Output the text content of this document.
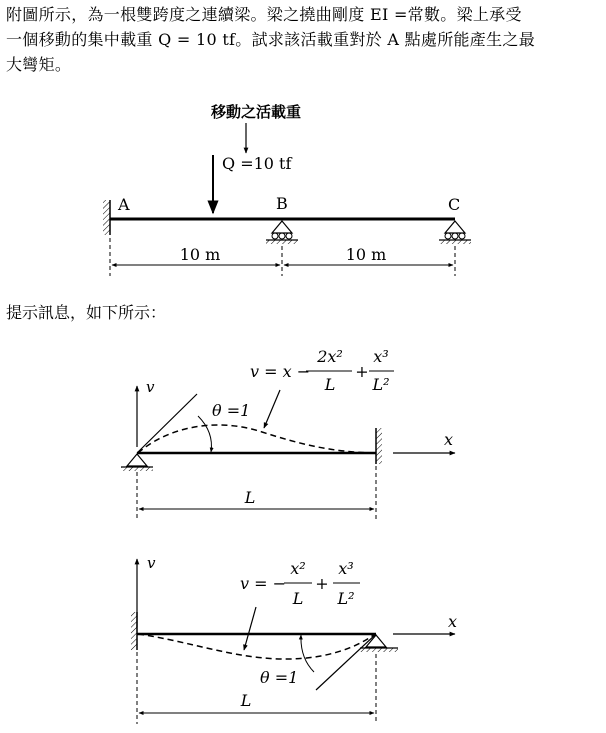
附圖所示，為一根雙跨度之連續梁。梁之撓曲剛度 EI =常數。梁上承受
一個移動的集中載重 Q = 10 tf。試求該活載重對於 A 點處所能產生之最
大彎矩。
移動之活載重
Q =10 tf
A	B	C
10 m	10 m
v = x −
2x²
L
+
x³
L²
v
θ =1
x
L
v = −
x²
L
+
x³
L²
v
θ =1
x
L
提示訊息，如下所示：
